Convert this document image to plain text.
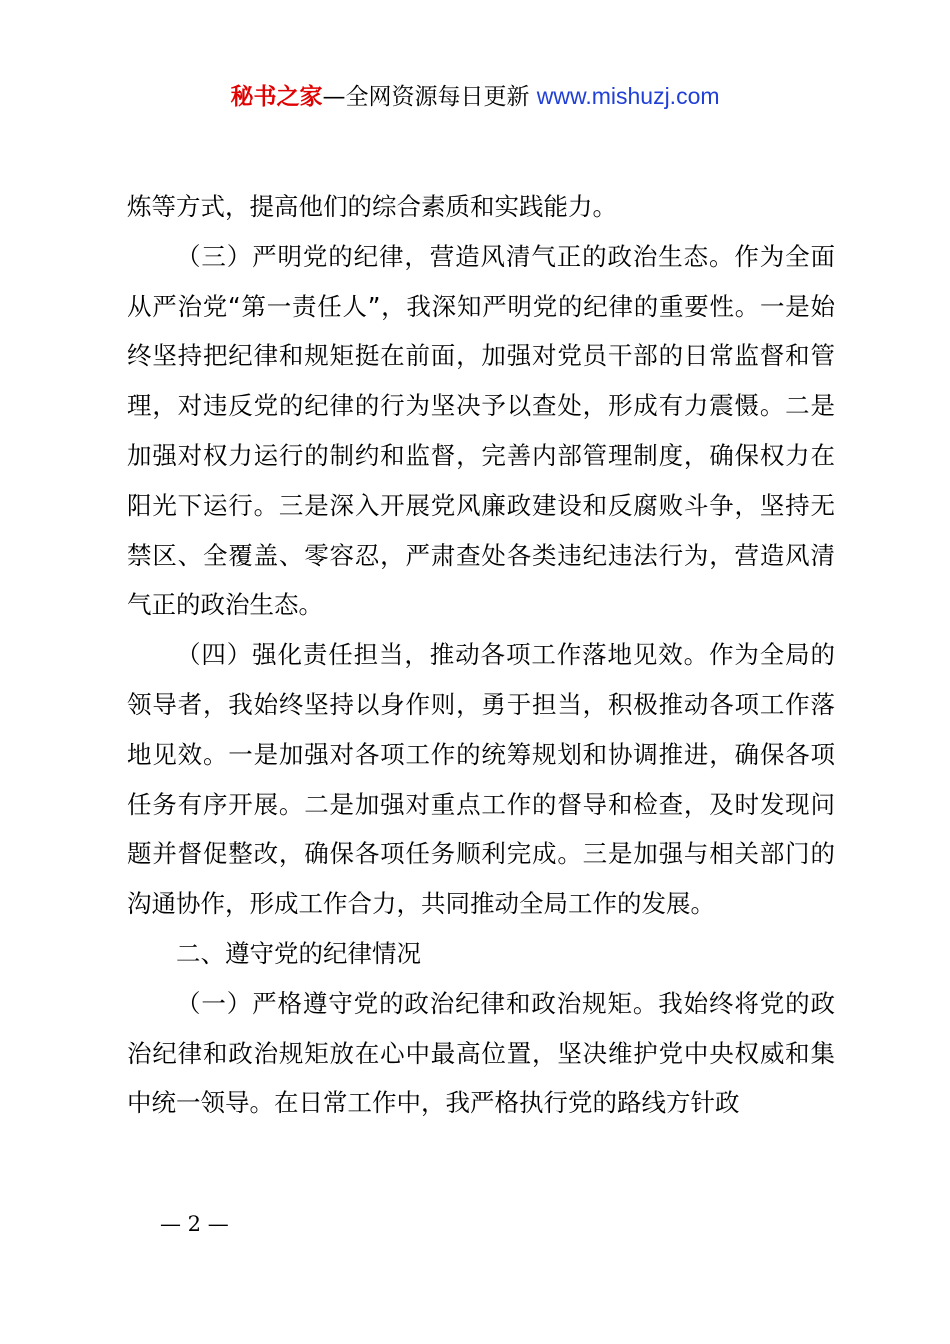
秘书之家—全网资源每日更新 www.mishuzj.com

炼等方式，提高他们的综合素质和实践能力。

（三）严明党的纪律，营造风清气正的政治生态。作为全面从严治党“第一责任人”，我深知严明党的纪律的重要性。一是始终坚持把纪律和规矩挺在前面，加强对党员干部的日常监督和管理，对违反党的纪律的行为坚决予以查处，形成有力震慑。二是加强对权力运行的制约和监督，完善内部管理制度，确保权力在阳光下运行。三是深入开展党风廉政建设和反腐败斗争，坚持无禁区、全覆盖、零容忍，严肃查处各类违纪违法行为，营造风清气正的政治生态。

（四）强化责任担当，推动各项工作落地见效。作为全局的领导者，我始终坚持以身作则，勇于担当，积极推动各项工作落地见效。一是加强对各项工作的统筹规划和协调推进，确保各项任务有序开展。二是加强对重点工作的督导和检查，及时发现问题并督促整改，确保各项任务顺利完成。三是加强与相关部门的沟通协作，形成工作合力，共同推动全局工作的发展。

二、遵守党的纪律情况

（一）严格遵守党的政治纪律和政治规矩。我始终将党的政治纪律和政治规矩放在心中最高位置，坚决维护党中央权威和集中统一领导。在日常工作中，我严格执行党的路线方针政

— 2 —
